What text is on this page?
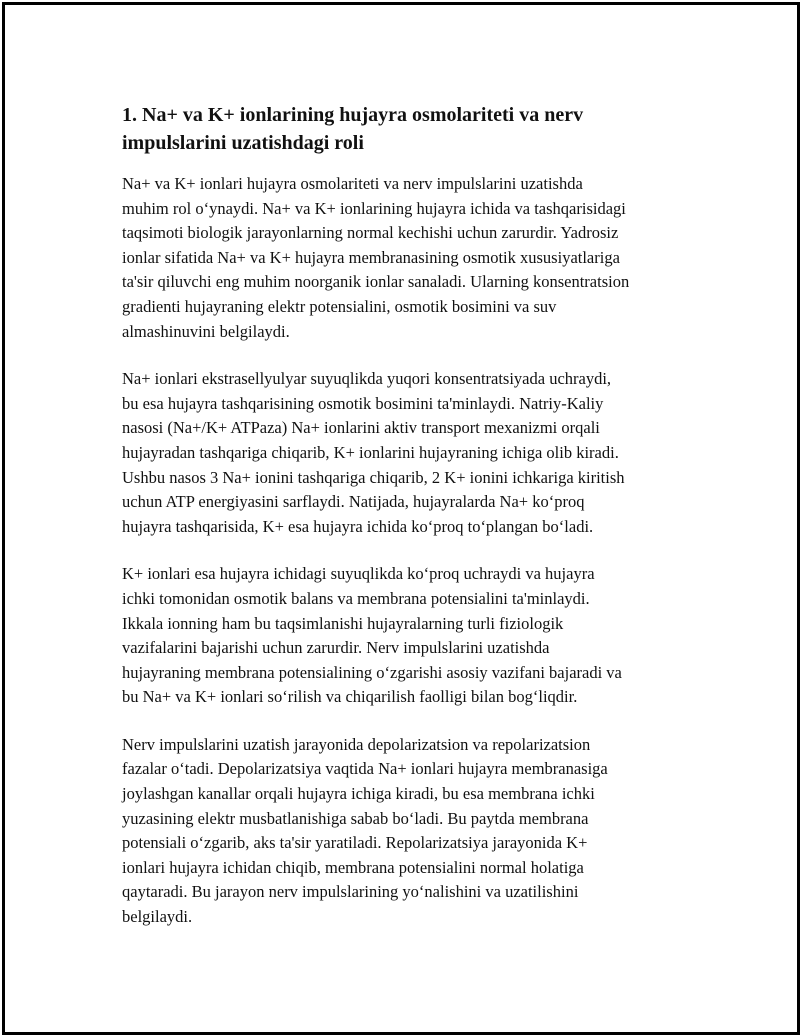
1. Na+ va K+ ionlarining hujayra osmolariteti va nerv
impulslarini uzatishdagi roli

Na+ va K+ ionlari hujayra osmolariteti va nerv impulslarini uzatishda
muhim rol o‘ynaydi. Na+ va K+ ionlarining hujayra ichida va tashqarisidagi
taqsimoti biologik jarayonlarning normal kechishi uchun zarurdir. Yadrosiz
ionlar sifatida Na+ va K+ hujayra membranasining osmotik xususiyatlariga
ta'sir qiluvchi eng muhim noorganik ionlar sanaladi. Ularning konsentratsion
gradienti hujayraning elektr potensialini, osmotik bosimini va suv
almashinuvini belgilaydi.

Na+ ionlari ekstrasellyulyar suyuqlikda yuqori konsentratsiyada uchraydi,
bu esa hujayra tashqarisining osmotik bosimini ta'minlaydi. Natriy-Kaliy
nasosi (Na+/K+ ATPaza) Na+ ionlarini aktiv transport mexanizmi orqali
hujayradan tashqariga chiqarib, K+ ionlarini hujayraning ichiga olib kiradi.
Ushbu nasos 3 Na+ ionini tashqariga chiqarib, 2 K+ ionini ichkariga kiritish
uchun ATP energiyasini sarflaydi. Natijada, hujayralarda Na+ ko‘proq
hujayra tashqarisida, K+ esa hujayra ichida ko‘proq to‘plangan bo‘ladi.

K+ ionlari esa hujayra ichidagi suyuqlikda ko‘proq uchraydi va hujayra
ichki tomonidan osmotik balans va membrana potensialini ta'minlaydi.
Ikkala ionning ham bu taqsimlanishi hujayralarning turli fiziologik
vazifalarini bajarishi uchun zarurdir. Nerv impulslarini uzatishda
hujayraning membrana potensialining o‘zgarishi asosiy vazifani bajaradi va
bu Na+ va K+ ionlari so‘rilish va chiqarilish faolligi bilan bog‘liqdir.

Nerv impulslarini uzatish jarayonida depolarizatsion va repolarizatsion
fazalar o‘tadi. Depolarizatsiya vaqtida Na+ ionlari hujayra membranasiga
joylashgan kanallar orqali hujayra ichiga kiradi, bu esa membrana ichki
yuzasining elektr musbatlanishiga sabab bo‘ladi. Bu paytda membrana
potensiali o‘zgarib, aks ta'sir yaratiladi. Repolarizatsiya jarayonida K+
ionlari hujayra ichidan chiqib, membrana potensialini normal holatiga
qaytaradi. Bu jarayon nerv impulslarining yo‘nalishini va uzatilishini
belgilaydi.
